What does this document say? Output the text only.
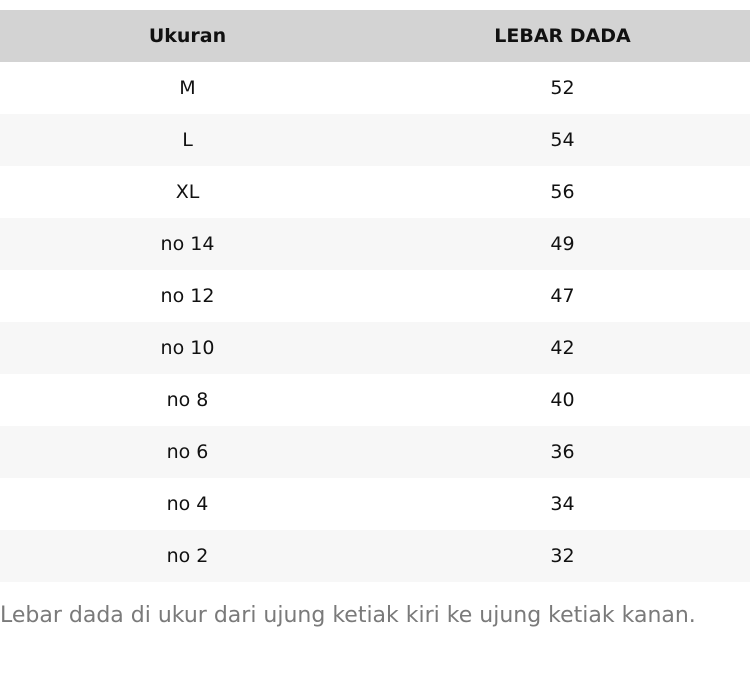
Ukuran	LEBAR DADA
M	52
L	54
XL	56
no 14	49
no 12	47
no 10	42
no 8	40
no 6	36
no 4	34
no 2	32

Lebar dada di ukur dari ujung ketiak kiri ke ujung ketiak kanan.
